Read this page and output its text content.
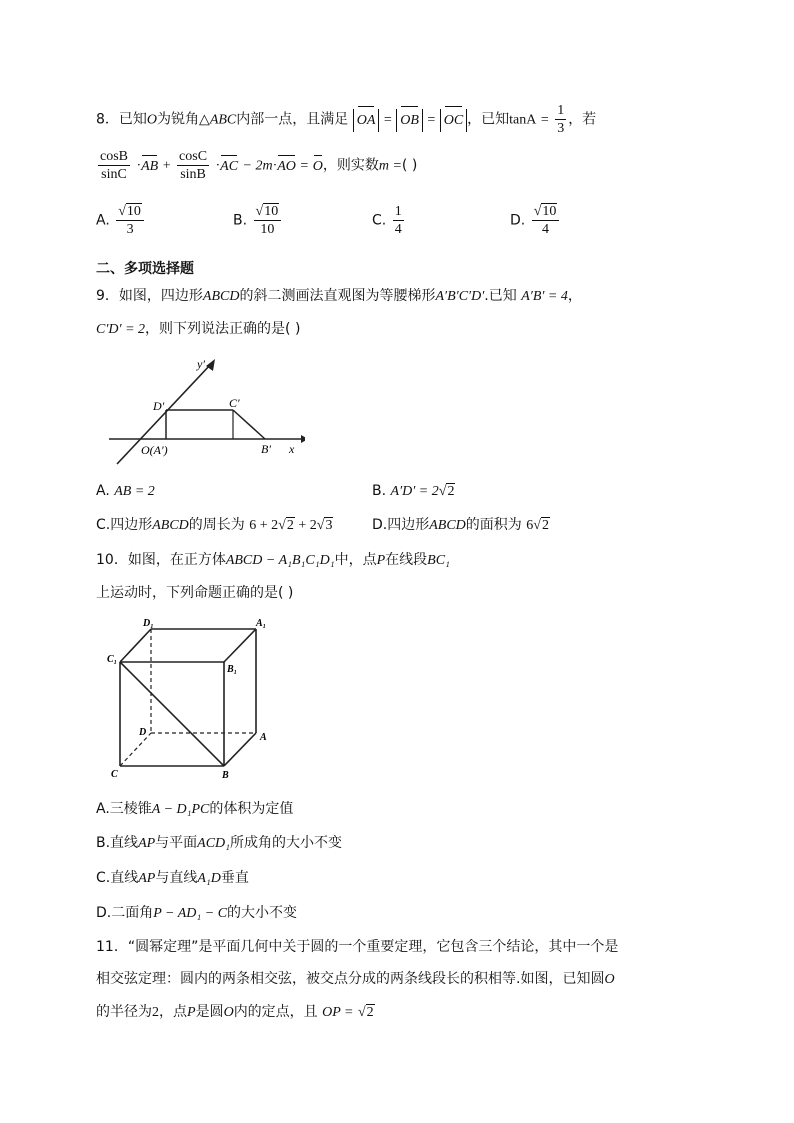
8．已知O为锐角△ABC内部一点，且满足 OA = OB = OC ，已知$\tan A = \frac{1}{3}$ ，若
$\frac{\cos B}{\sin C} \cdot AB + \frac{\cos C}{\sin B} \cdot AC - 2m\cdot AO = O$，则实数m =( )
A. $\frac{√10}{3}$	B. $\frac{√10}{10}$	C. $\frac{1}{4}$	D. $\frac{√10}{4}$
二、多项选择题
9．如图，四边形ABCD的斜二测画法直观图为等腰梯形A′B′C′D′.已知 A′B′ = 4，
C′D′ = 2，则下列说法正确的是( )
y′
D′	C′
O(A′)	B′ x
A. AB = 2	B. A′D′ = 2√2
C.四边形ABCD的周长为 6 + 2√2 + 2√3	D.四边形ABCD的面积为 6√2
10．如图，在正方体ABCD − A₁B₁C₁D₁中，点P在线段BC₁
上运动时，下列命题正确的是( )
D₁	A₁
C₁
B₁
D	A
C	B
A.三棱锥A − D₁PC的体积为定值
B.直线AP与平面ACD₁所成角的大小不变
C.直线AP与直线A₁D垂直
D.二面角P − AD₁ − C的大小不变
11．“圆幂定理”是平面几何中关于圆的一个重要定理，它包含三个结论，其中一个是
相交弦定理：圆内的两条相交弦，被交点分成的两条线段长的积相等.如图，已知圆O
的半径为2，点P是圆O内的定点，且 OP = √2
